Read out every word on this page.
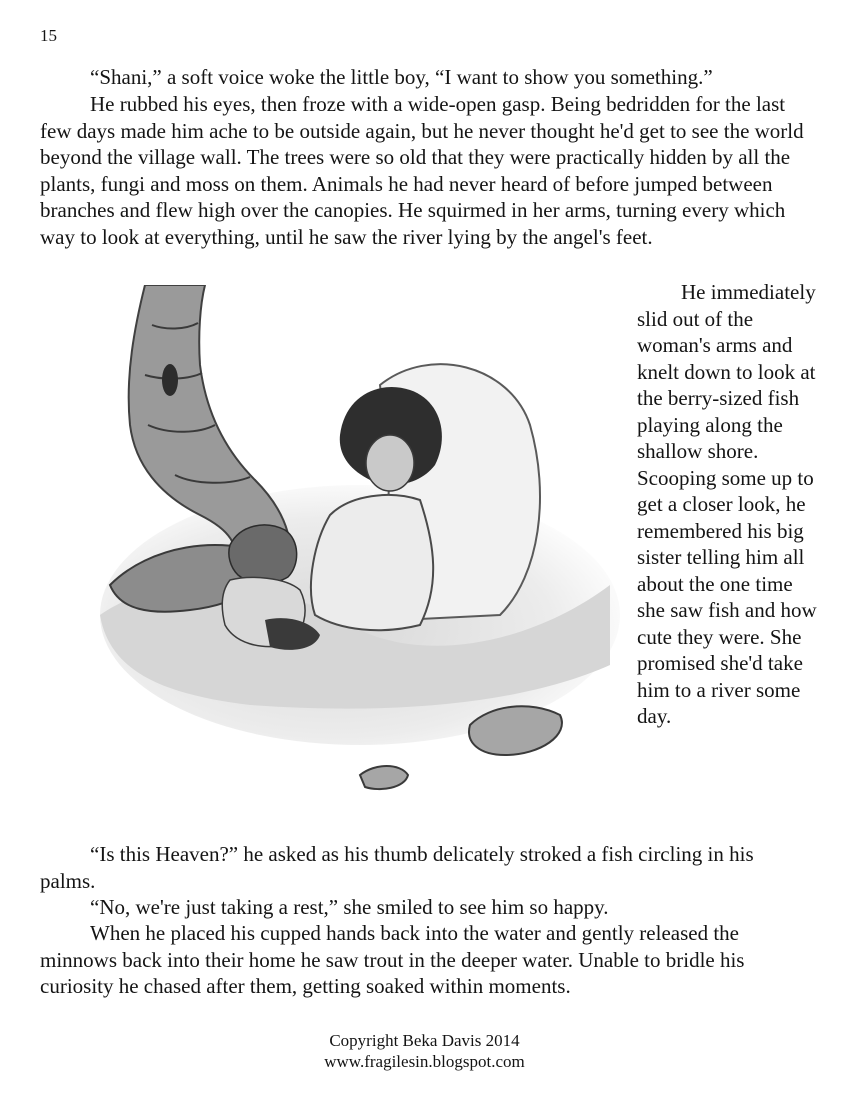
15

“Shani,” a soft voice woke the little boy, “I want to show you something.”

He rubbed his eyes, then froze with a wide-open gasp. Being bedridden for the last few days made him ache to be outside again, but he never thought he'd get to see the world beyond the village wall. The trees were so old that they were practically hidden by all the plants, fungi and moss on them. Animals he had never heard of before jumped between branches and flew high over the canopies. He squirmed in her arms, turning every which way to look at everything, until he saw the river lying by the angel's feet.

He immediately slid out of the woman's arms and knelt down to look at the berry-sized fish playing along the shallow shore. Scooping some up to get a closer look, he remembered his big sister telling him all about the one time she saw fish and how cute they were. She promised she'd take him to a river some day.

“Is this Heaven?” he asked as his thumb delicately stroked a fish circling in his palms.

“No, we're just taking a rest,” she smiled to see him so happy.

When he placed his cupped hands back into the water and gently released the minnows back into their home he saw trout in the deeper water. Unable to bridle his curiosity he chased after them, getting soaked within moments.

Copyright Beka Davis 2014
www.fragilesin.blogspot.com
